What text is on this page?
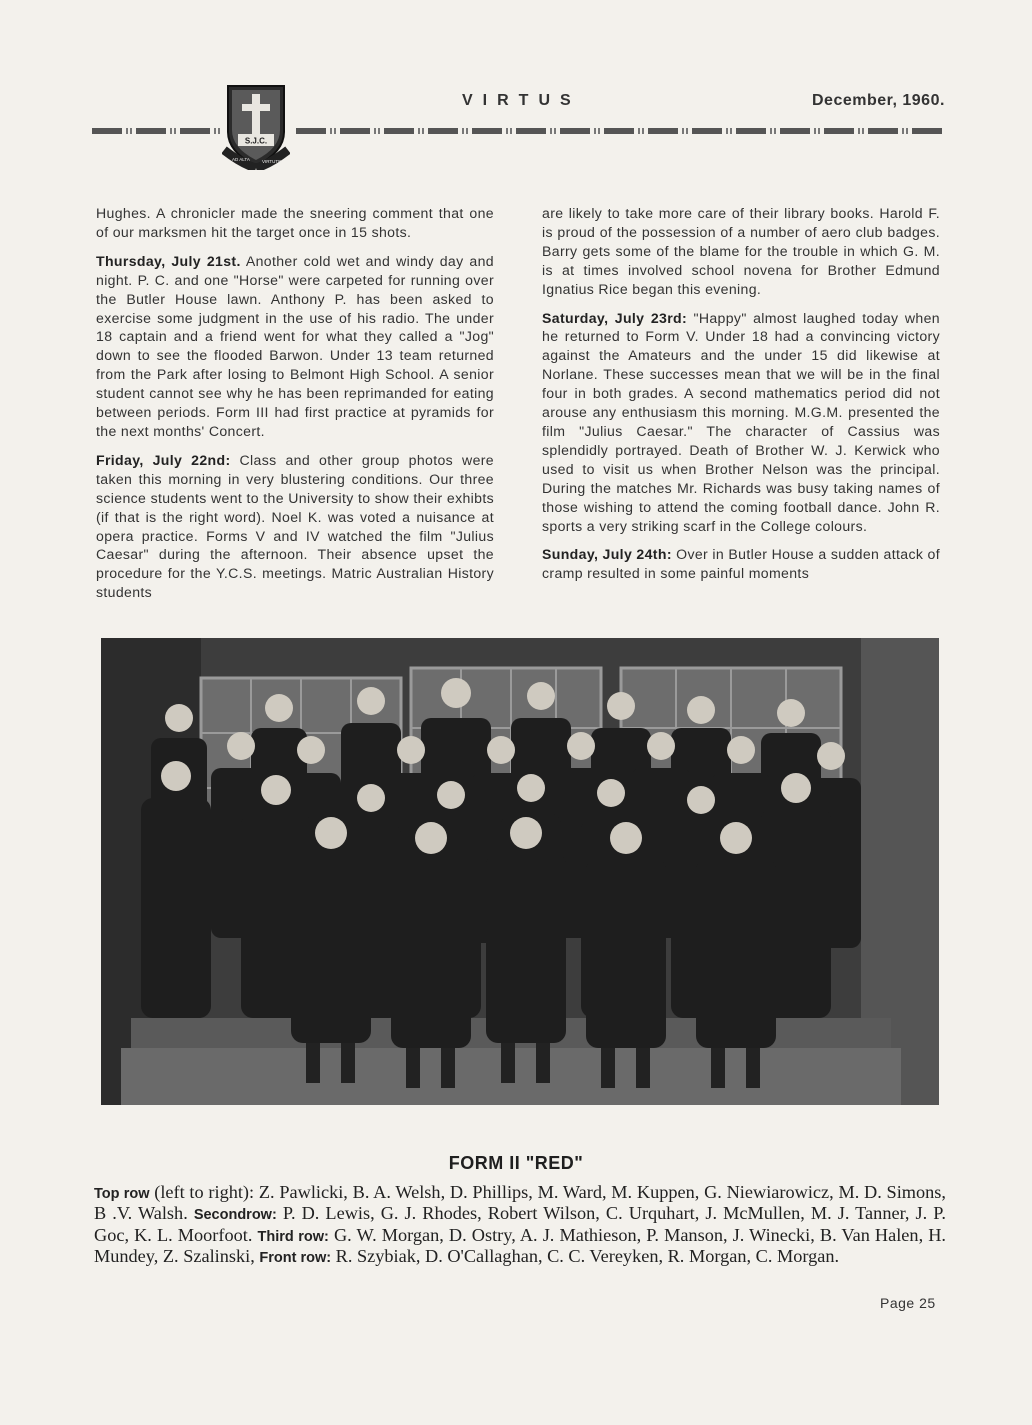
S.J.C.
AD ALTA	VIRTUTE
VIRTUS	December, 1960.

Hughes. A chronicler made the sneering comment that one of our marksmen hit the target once in 15 shots.

Thursday, July 21st. Another cold wet and windy day and night. P. C. and one "Horse" were carpeted for running over the Butler House lawn. Anthony P. has been asked to exercise some judgment in the use of his radio. The under 18 captain and a friend went for what they called a "Jog" down to see the flooded Barwon. Under 13 team returned from the Park after losing to Belmont High School. A senior student cannot see why he has been reprimanded for eating between periods. Form III had first practice at pyramids for the next months' Concert.

Friday, July 22nd: Class and other group photos were taken this morning in very blustering conditions. Our three science students went to the University to show their exhibts (if that is the right word). Noel K. was voted a nuisance at opera practice. Forms V and IV watched the film "Julius Caesar" during the afternoon. Their absence upset the procedure for the Y.C.S. meetings. Matric Australian History students

are likely to take more care of their library books. Harold F. is proud of the possession of a number of aero club badges. Barry gets some of the blame for the trouble in which G. M. is at times involved school novena for Brother Edmund Ignatius Rice began this evening.

Saturday, July 23rd: "Happy" almost laughed today when he returned to Form V. Under 18 had a convincing victory against the Amateurs and the under 15 did likewise at Norlane. These successes mean that we will be in the final four in both grades. A second mathematics period did not arouse any enthusiasm this morning. M.G.M. presented the film "Julius Caesar." The character of Cassius was splendidly portrayed. Death of Brother W. J. Kerwick who used to visit us when Brother Nelson was the principal. During the matches Mr. Richards was busy taking names of those wishing to attend the coming football dance. John R. sports a very striking scarf in the College colours.

Sunday, July 24th: Over in Butler House a sudden attack of cramp resulted in some painful moments

FORM II "RED"
Top row (left to right): Z. Pawlicki, B. A. Welsh, D. Phillips, M. Ward, M. Kuppen, G. Niewiarowicz, M. D. Simons, B .V. Walsh. Secondrow: P. D. Lewis, G. J. Rhodes, Robert Wilson, C. Urquhart, J. McMullen, M. J. Tanner, J. P. Goc, K. L. Moorfoot. Third row: G. W. Morgan, D. Ostry, A. J. Mathieson, P. Manson, J. Winecki, B. Van Halen, H. Mundey, Z. Szalinski, Front row: R. Szybiak, D. O'Callaghan, C. C. Vereyken, R. Morgan, C. Morgan.
Page 25
